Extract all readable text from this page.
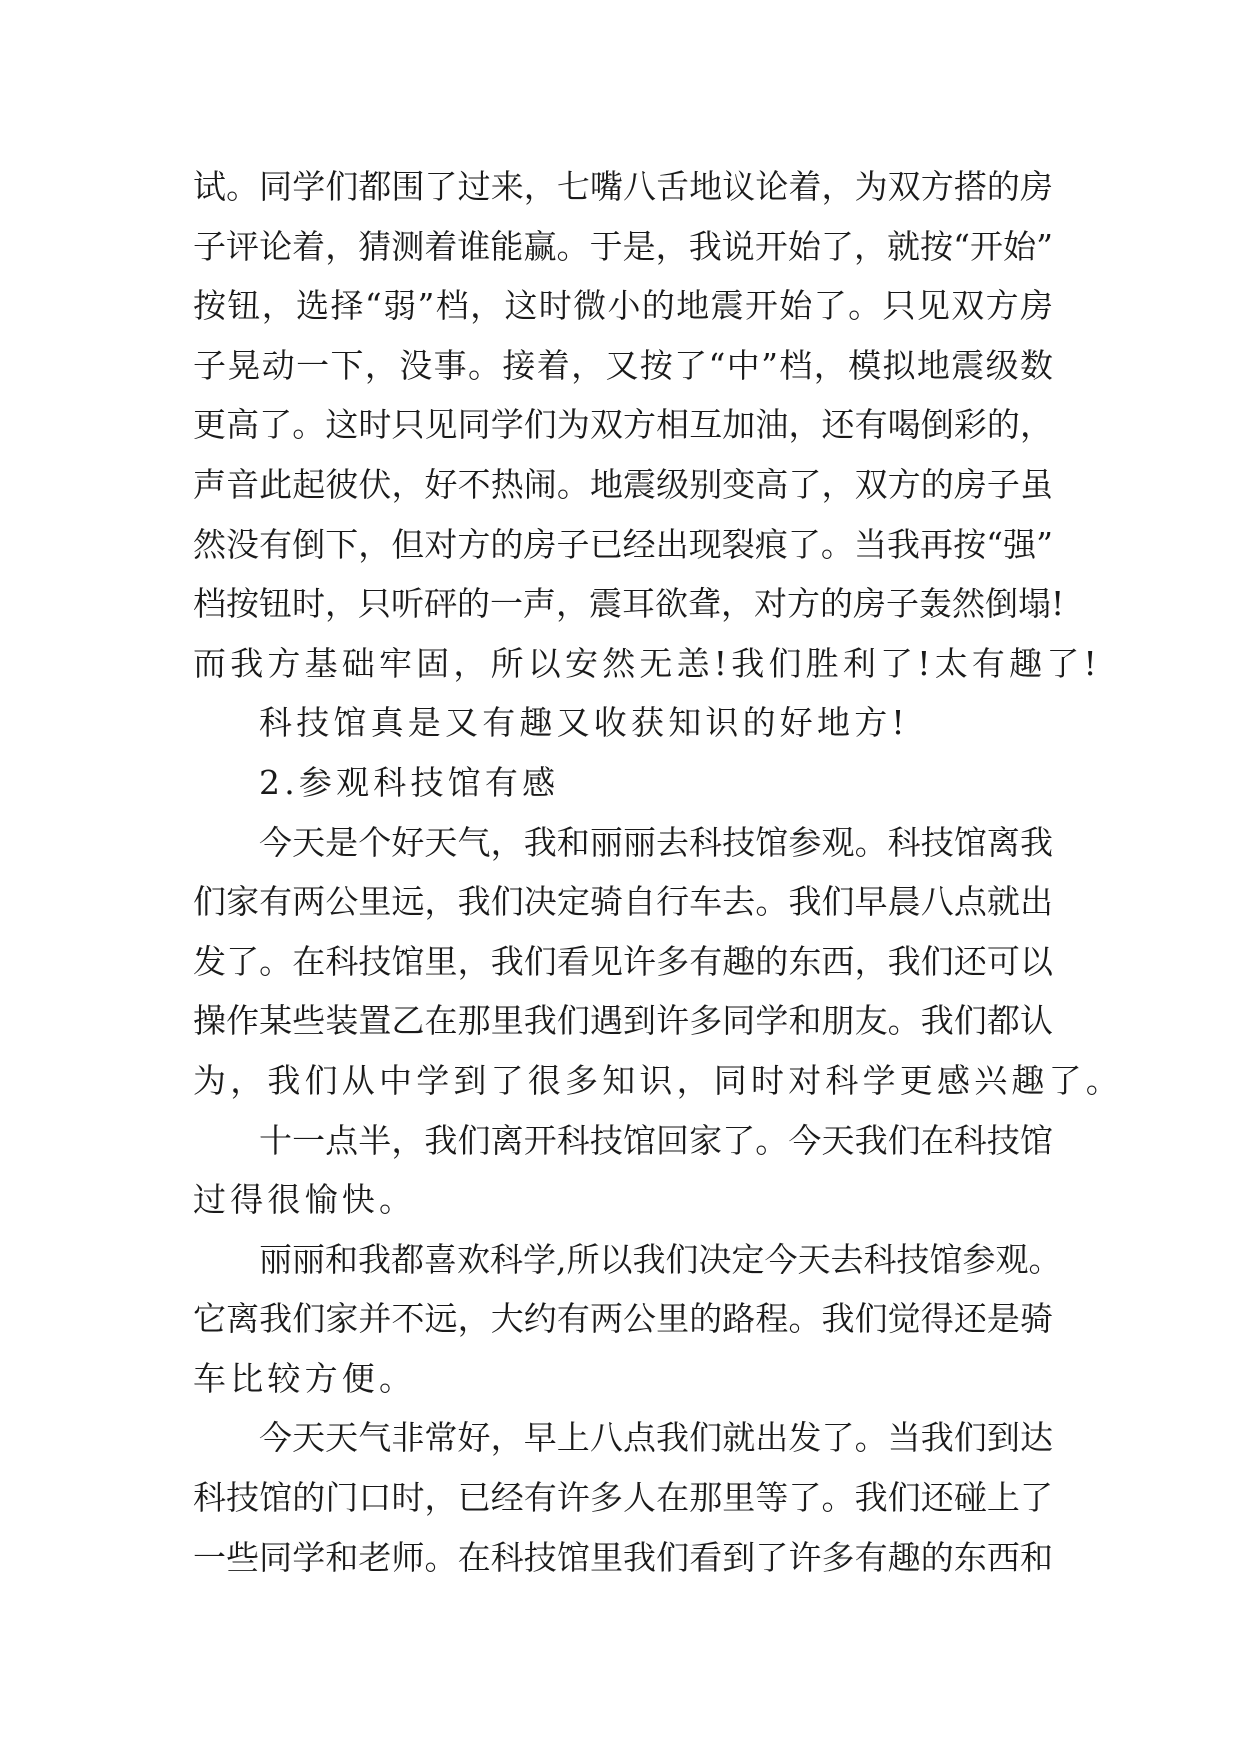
试。同学们都围了过来，七嘴八舌地议论着，为双方搭的房
子评论着，猜测着谁能赢。于是，我说开始了，就按“开始”
按钮，选择“弱”档，这时微小的地震开始了。只见双方房
子晃动一下，没事。接着，又按了“中”档，模拟地震级数
更高了。这时只见同学们为双方相互加油，还有喝倒彩的，
声音此起彼伏，好不热闹。地震级别变高了，双方的房子虽
然没有倒下，但对方的房子已经出现裂痕了。当我再按“强”
档按钮时，只听砰的一声，震耳欲聋，对方的房子轰然倒塌!
而我方基础牢固，所以安然无恙!我们胜利了!太有趣了!
科技馆真是又有趣又收获知识的好地方!
2.参观科技馆有感
今天是个好天气，我和丽丽去科技馆参观。科技馆离我
们家有两公里远，我们决定骑自行车去。我们早晨八点就出
发了。在科技馆里，我们看见许多有趣的东西，我们还可以
操作某些装置乙在那里我们遇到许多同学和朋友。我们都认
为，我们从中学到了很多知识，同时对科学更感兴趣了。
十一点半，我们离开科技馆回家了。今天我们在科技馆
过得很愉快。
丽丽和我都喜欢科学,所以我们决定今天去科技馆参观。
它离我们家并不远，大约有两公里的路程。我们觉得还是骑
车比较方便。
今天天气非常好，早上八点我们就出发了。当我们到达
科技馆的门口时，已经有许多人在那里等了。我们还碰上了
一些同学和老师。在科技馆里我们看到了许多有趣的东西和
